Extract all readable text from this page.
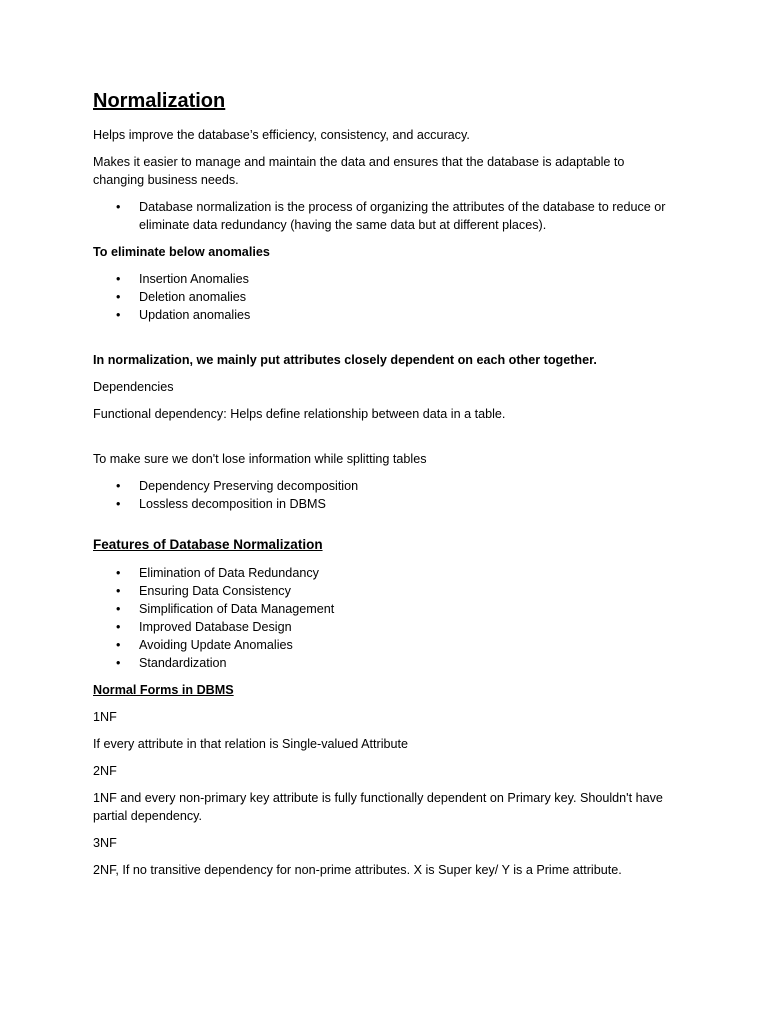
Normalization

Helps improve the database’s efficiency, consistency, and accuracy.

Makes it easier to manage and maintain the data and ensures that the database is adaptable to changing business needs.

• Database normalization is the process of organizing the attributes of the database to reduce or eliminate data redundancy (having the same data but at different places).

To eliminate below anomalies

• Insertion Anomalies
• Deletion anomalies
• Updation anomalies

In normalization, we mainly put attributes closely dependent on each other together.

Dependencies

Functional dependency: Helps define relationship between data in a table.

To make sure we don't lose information while splitting tables

• Dependency Preserving decomposition
• Lossless decomposition in DBMS
Features of Database Normalization
• Elimination of Data Redundancy
• Ensuring Data Consistency
• Simplification of Data Management
• Improved Database Design
• Avoiding Update Anomalies
• Standardization

Normal Forms in DBMS

1NF

If every attribute in that relation is Single-valued Attribute

2NF

1NF and every non-primary key attribute is fully functionally dependent on Primary key. Shouldn't have partial dependency.

3NF

2NF, If no transitive dependency for non-prime attributes. X is Super key/ Y is a Prime attribute.
